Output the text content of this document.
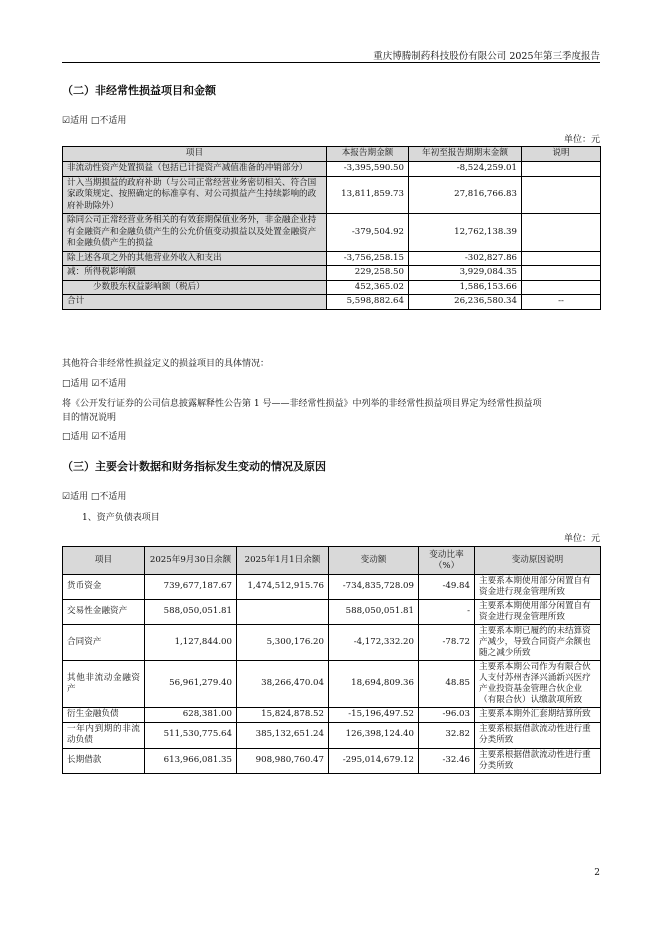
重庆博腾制药科技股份有限公司 2025年第三季度报告
（二）非经常性损益项目和金额
☑适用 □不适用
单位：元
项目	本报告期金额	年初至报告期期末金额	说明
非流动性资产处置损益（包括已计提资产减值准备的冲销部分）	-3,395,590.50	-8,524,259.01	
计入当期损益的政府补助（与公司正常经营业务密切相关、符合国家政策规定、按照确定的标准享有、对公司损益产生持续影响的政府补助除外）	13,811,859.73	27,816,766.83	
除同公司正常经营业务相关的有效套期保值业务外，非金融企业持有金融资产和金融负债产生的公允价值变动损益以及处置金融资产和金融负债产生的损益	-379,504.92	12,762,138.39	
除上述各项之外的其他营业外收入和支出	-3,756,258.15	-302,827.86	
减：所得税影响额	229,258.50	3,929,084.35	
少数股东权益影响额（税后）	452,365.02	1,586,153.66	
合计	5,598,882.64	26,236,580.34	--
其他符合非经常性损益定义的损益项目的具体情况：
□适用 ☑不适用
将《公开发行证券的公司信息披露解释性公告第 1 号——非经常性损益》中列举的非经常性损益项目界定为经常性损益项
目的情况说明
□适用 ☑不适用
（三）主要会计数据和财务指标发生变动的情况及原因
☑适用 □不适用
1、资产负债表项目
单位：元
项目	2025年9月30日余额	2025年1月1日余额	变动额	变动比率（%）	变动原因说明
货币资金	739,677,187.67	1,474,512,915.76	-734,835,728.09	-49.84	主要系本期使用部分闲置自有资金进行现金管理所致
交易性金融资产	588,050,051.81		588,050,051.81	-	主要系本期使用部分闲置自有资金进行现金管理所致
合同资产	1,127,844.00	5,300,176.20	-4,172,332.20	-78.72	主要系本期已履约的未结算资产减少，导致合同资产余额也随之减少所致
其他非流动金融资产	56,961,279.40	38,266,470.04	18,694,809.36	48.85	主要系本期公司作为有限合伙人支付苏州杏泽兴涌新兴医疗产业投资基金管理合伙企业（有限合伙）认缴款项所致
衍生金融负债	628,381.00	15,824,878.52	-15,196,497.52	-96.03	主要系本期外汇套期结算所致
一年内到期的非流动负债	511,530,775.64	385,132,651.24	126,398,124.40	32.82	主要系根据借款流动性进行重分类所致
长期借款	613,966,081.35	908,980,760.47	-295,014,679.12	-32.46	主要系根据借款流动性进行重分类所致
2
